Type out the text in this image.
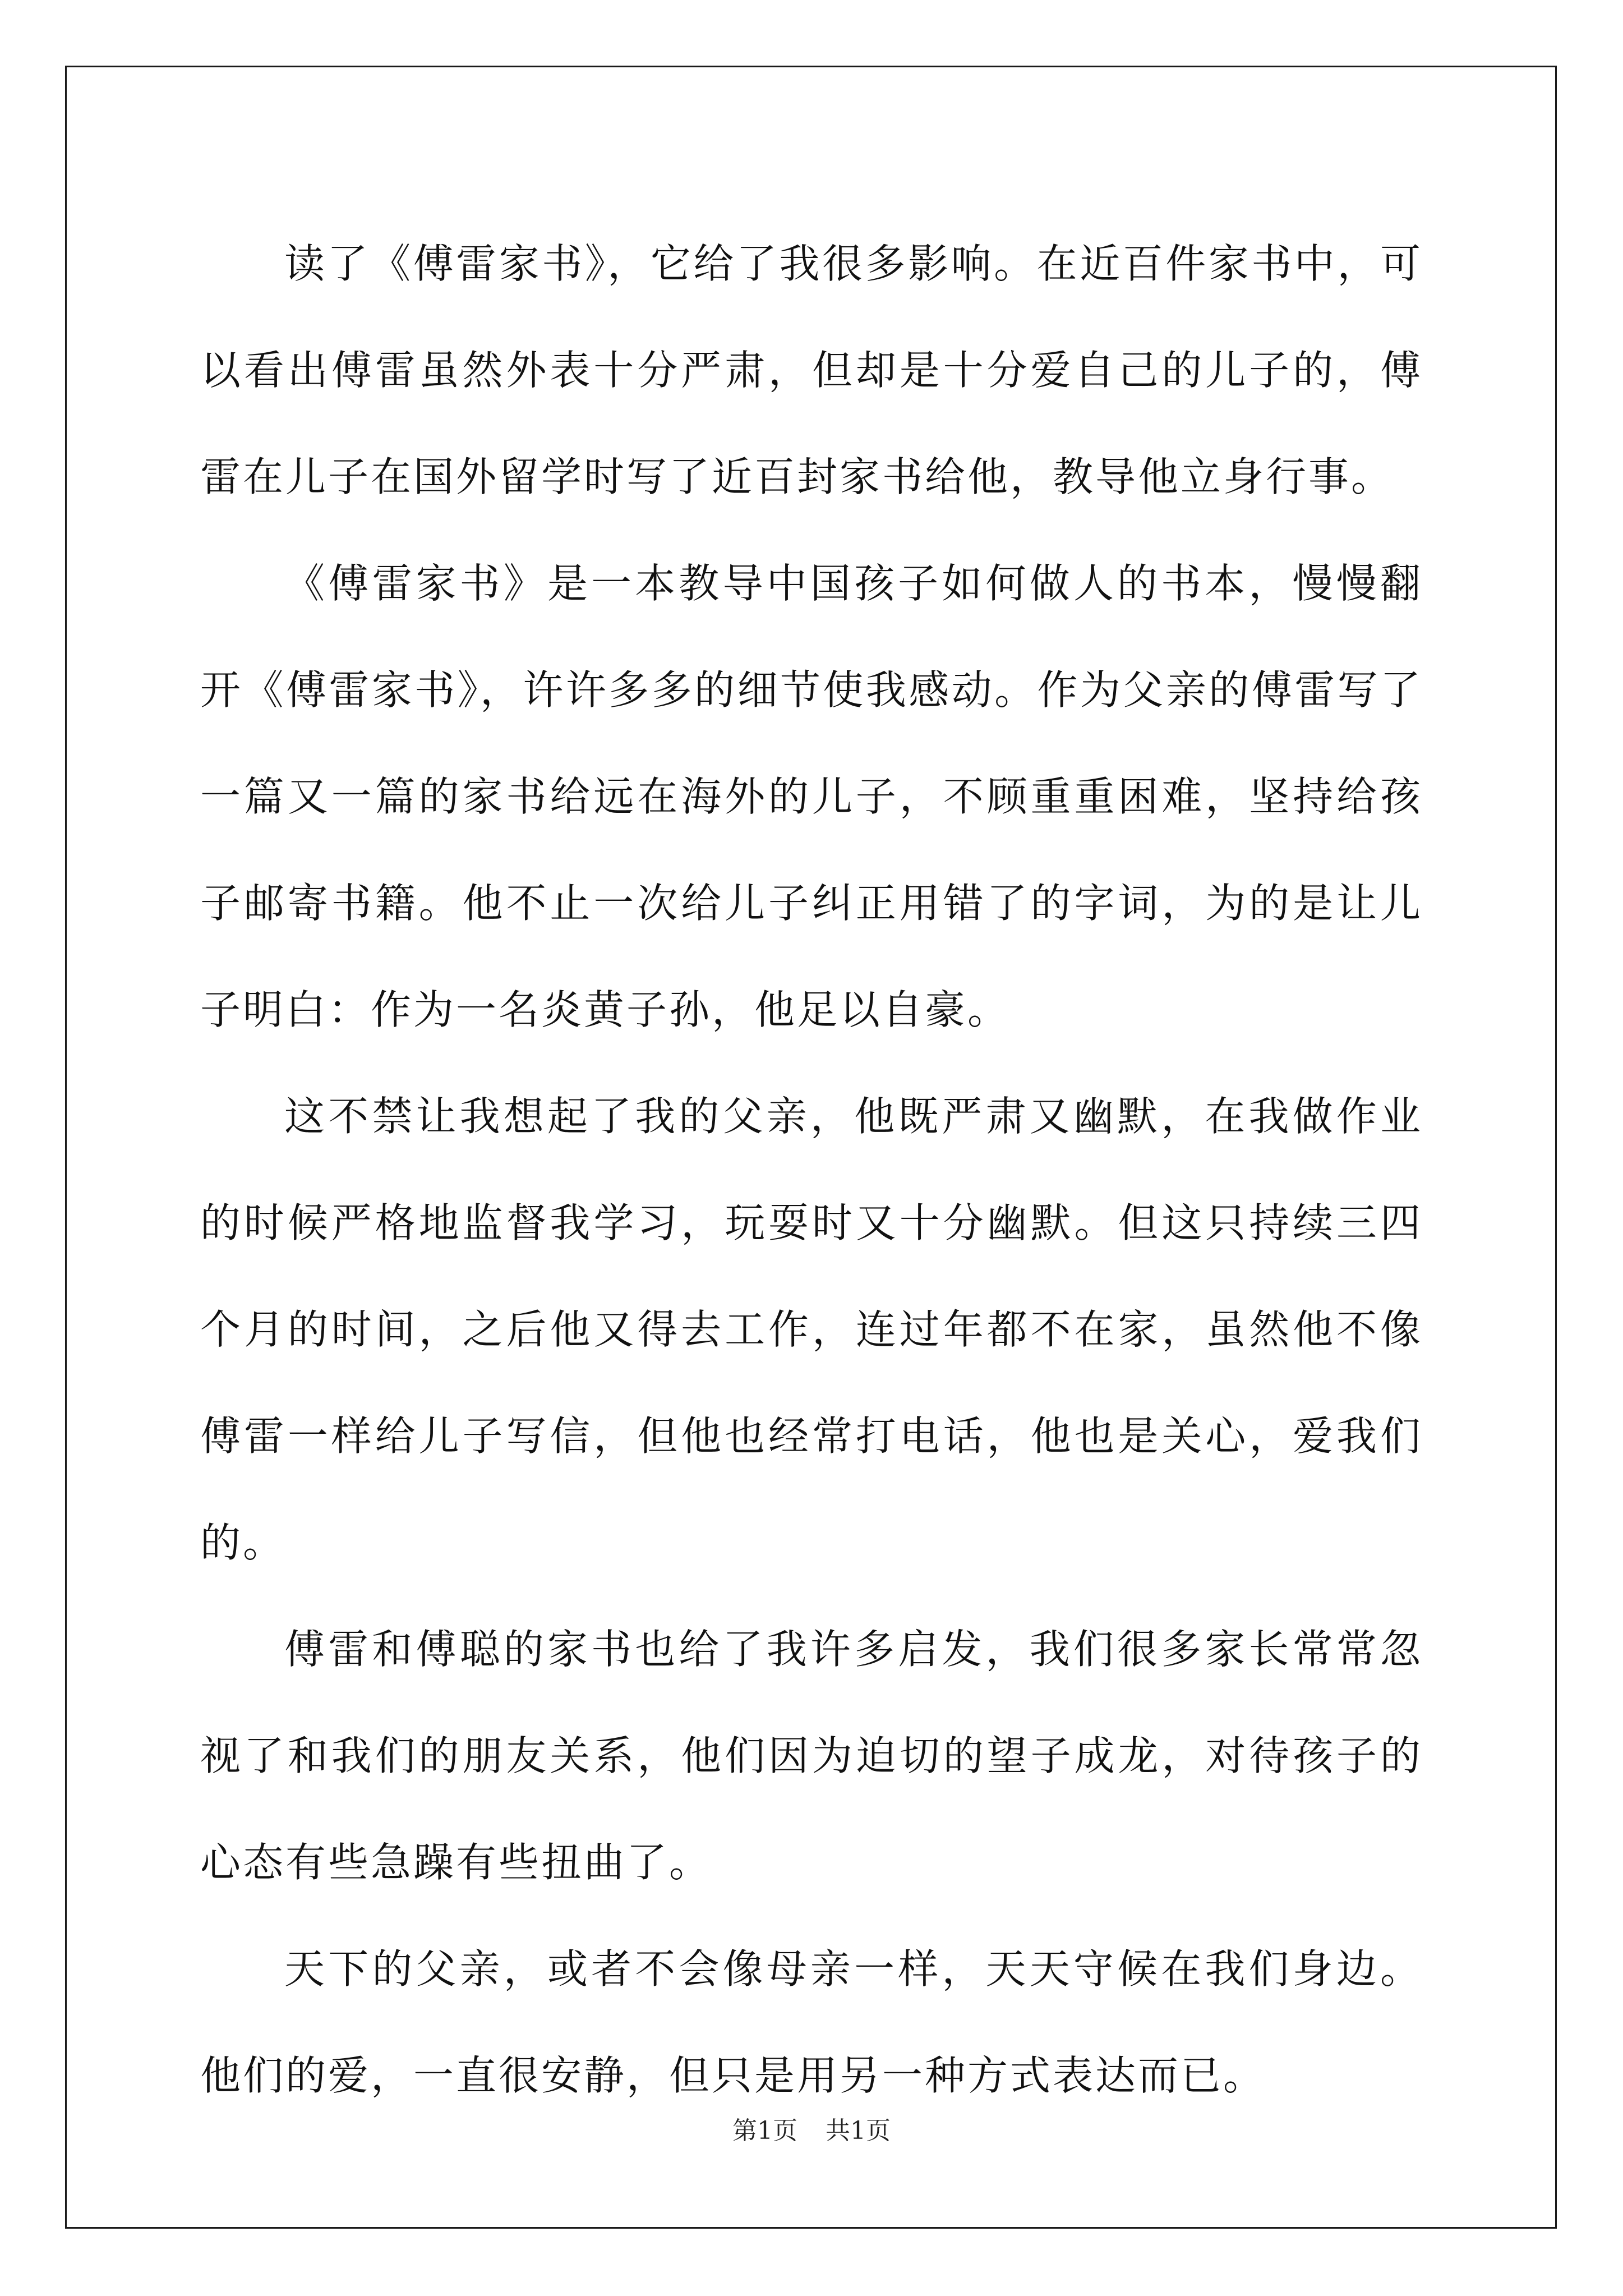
读了《傅雷家书》，它给了我很多影响。在近百件家书中，可以看出傅雷虽然外表十分严肃，但却是十分爱自己的儿子的，傅雷在儿子在国外留学时写了近百封家书给他，教导他立身行事。

《傅雷家书》是一本教导中国孩子如何做人的书本，慢慢翻开《傅雷家书》，许许多多的细节使我感动。作为父亲的傅雷写了一篇又一篇的家书给远在海外的儿子，不顾重重困难，坚持给孩子邮寄书籍。他不止一次给儿子纠正用错了的字词，为的是让儿子明白：作为一名炎黄子孙，他足以自豪。

这不禁让我想起了我的父亲，他既严肃又幽默，在我做作业的时候严格地监督我学习，玩耍时又十分幽默。但这只持续三四个月的时间，之后他又得去工作，连过年都不在家，虽然他不像傅雷一样给儿子写信，但他也经常打电话，他也是关心，爱我们的。

傅雷和傅聪的家书也给了我许多启发，我们很多家长常常忽视了和我们的朋友关系，他们因为迫切的望子成龙，对待孩子的心态有些急躁有些扭曲了。

天下的父亲，或者不会像母亲一样，天天守候在我们身边。他们的爱，一直很安静，但只是用另一种方式表达而已。

第1页 共1页
